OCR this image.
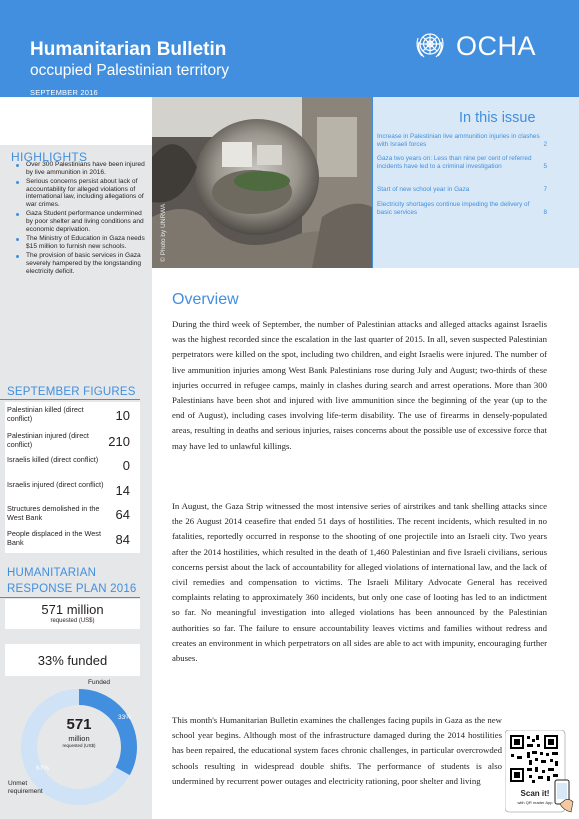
Humanitarian Bulletin
occupied Palestinian territory
SEPTEMBER 2016
OCHA
© Photo by UNRWA
In this issue
Increase in Palestinian live ammunition injuries in clashes with Israeli forces	2
Gaza two years on: Less than nine per cent of referred incidents have led to a criminal investigation	5
Start of new school year in Gaza	7
Electricity shortages continue impeding the delivery of basic services	8
HIGHLIGHTS
Over 300 Palestinians have been injured by live ammunition in 2016.
Serious concerns persist about lack of accountability for alleged violations of international law, including allegations of war crimes.
Gaza Student performance undermined by poor shelter and living conditions and economic deprivation.
The Ministry of Education in Gaza needs $15 million to furnish new schools.
The provision of basic services in Gaza severely hampered by the longstanding electricity deficit.
SEPTEMBER FIGURES
Palestinian killed (direct conflict)	10
Palestinian injured (direct conflict)	210
Israelis killed (direct conflict)	0
Israelis injured (direct conflict) 14
Structures demolished in the West Bank	64
People displaced in the West Bank	84
HUMANITARIAN
RESPONSE PLAN 2016
571 million
requested (US$)
33% funded
Funded
571
million
requested (US$)
33%
67%
Unmet
requirement
Overview

During the third week of September, the number of Palestinian attacks and alleged attacks against Israelis was the highest recorded since the escalation in the last quarter of 2015. In all, seven suspected Palestinian perpetrators were killed on the spot, including two children, and eight Israelis were injured. The number of live ammunition injuries among West Bank Palestinians rose during July and August; two-thirds of these injuries occurred in refugee camps, mainly in clashes during search and arrest operations. More than 300 Palestinians have been shot and injured with live ammunition since the beginning of the year (up to the end of August), including cases involving life-term disability. The use of firearms in densely-populated areas, resulting in deaths and serious injuries, raises concerns about the possible use of excessive force that may have led to unlawful killings.

In August, the Gaza Strip witnessed the most intensive series of airstrikes and tank shelling attacks since the 26 August 2014 ceasefire that ended 51 days of hostilities. The recent incidents, which resulted in no fatalities, reportedly occurred in response to the shooting of one projectile into an Israeli city. Two years after the 2014 hostilities, which resulted in the death of 1,460 Palestinian and five Israeli civilians, serious concerns persist about the lack of accountability for alleged violations of international law, and the lack of civil remedies and compensation to victims. The Israeli Military Advocate General has received complaints relating to approximately 360 incidents, but only one case of looting has led to an indictment so far. No meaningful investigation into alleged violations has been announced by the Palestinian authorities so far. The failure to ensure accountability leaves victims and families without redress and creates an environment in which perpetrators on all sides are able to act with impunity, encouraging further abuses.

This month's Humanitarian Bulletin examines the challenges facing pupils in Gaza as the new school year begins. Although most of the infrastructure damaged during the 2014 hostilities has been repaired, the educational system faces chronic challenges, in particular overcrowded schools resulting in widespread double shifts. The performance of students is also undermined by recurrent power outages and electricity rationing, poor shelter and living

Scan it!
with QR reader App
